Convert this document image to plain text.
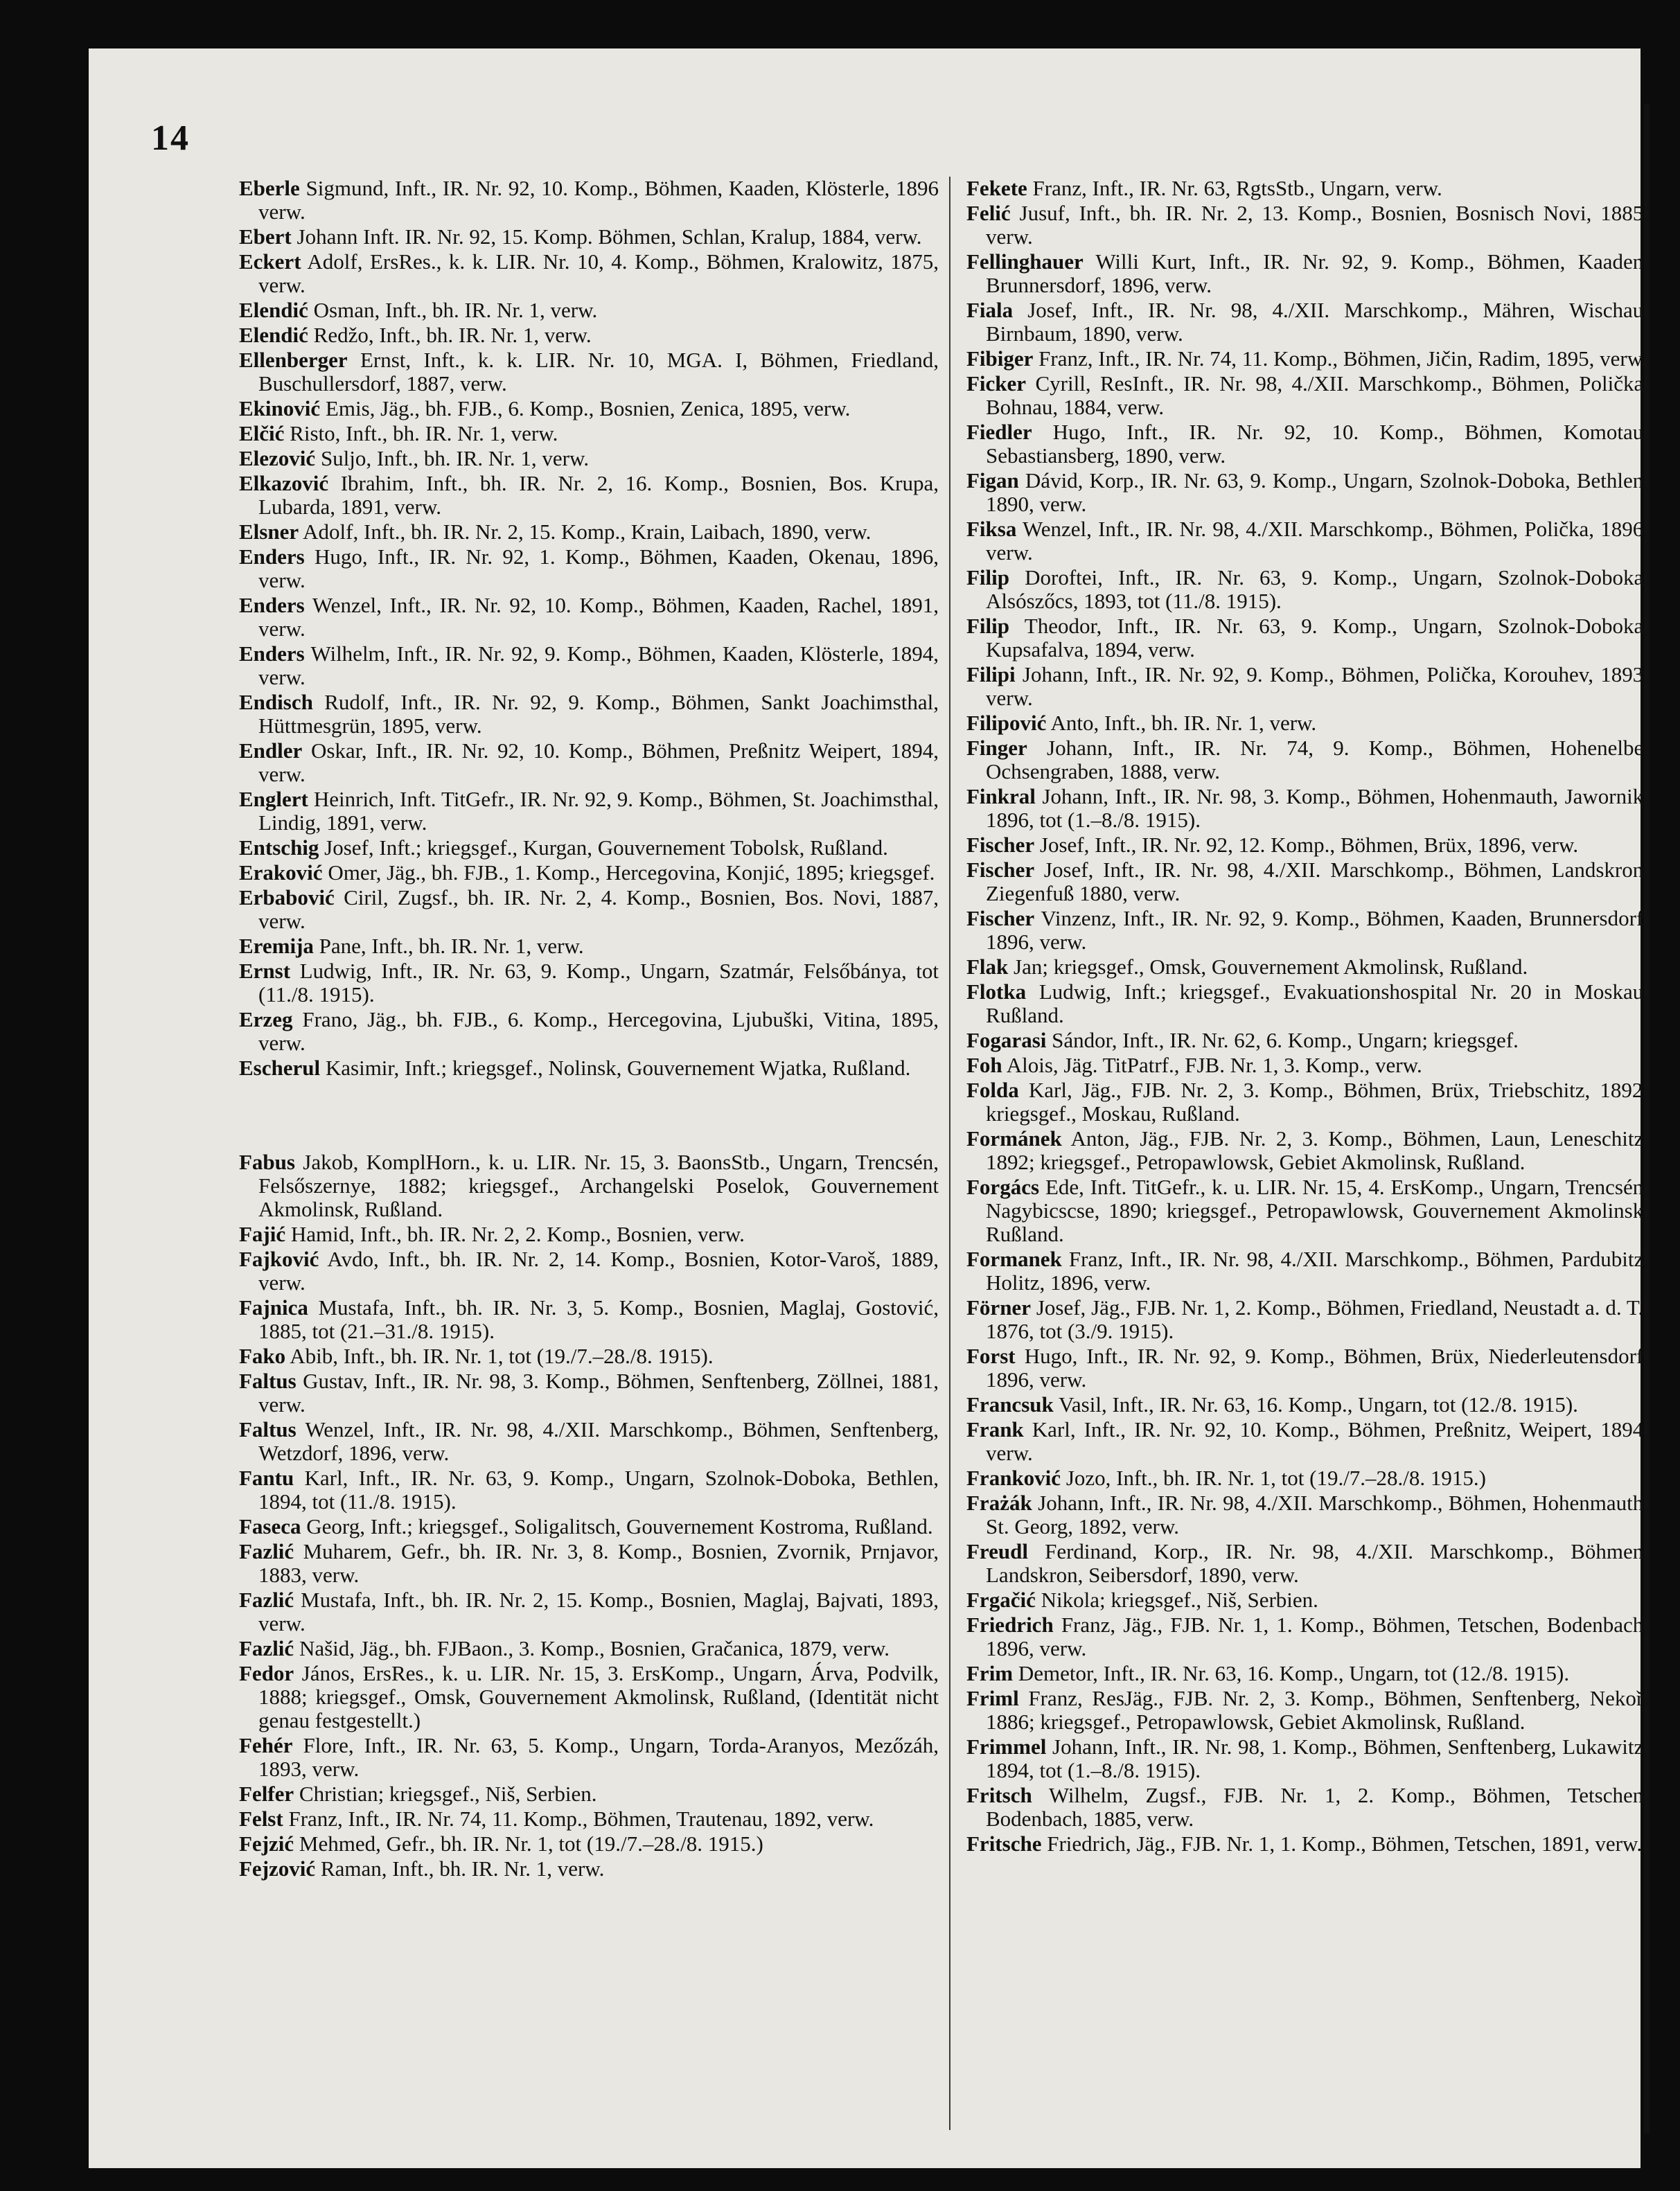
14
Eberle Sigmund, Inft., IR. Nr. 92, 10. Komp., Böhmen, Kaaden, Klösterle, 1896 verw.
Ebert Johann Inft. IR. Nr. 92, 15. Komp. Böhmen, Schlan, Kralup, 1884, verw.
Eckert Adolf, ErsRes., k. k. LIR. Nr. 10, 4. Komp., Böhmen, Kralowitz, 1875, verw.
Elendić Osman, Inft., bh. IR. Nr. 1, verw.
Elendić Redžo, Inft., bh. IR. Nr. 1, verw.
Ellenberger Ernst, Inft., k. k. LIR. Nr. 10, MGA. I, Böhmen, Friedland, Buschullersdorf, 1887, verw.
Ekinović Emis, Jäg., bh. FJB., 6. Komp., Bosnien, Zenica, 1895, verw.
Elčić Risto, Inft., bh. IR. Nr. 1, verw.
Elezović Suljo, Inft., bh. IR. Nr. 1, verw.
Elkazović Ibrahim, Inft., bh. IR. Nr. 2, 16. Komp., Bosnien, Bos. Krupa, Lubarda, 1891, verw.
Elsner Adolf, Inft., bh. IR. Nr. 2, 15. Komp., Krain, Laibach, 1890, verw.
Enders Hugo, Inft., IR. Nr. 92, 1. Komp., Böhmen, Kaaden, Okenau, 1896, verw.
Enders Wenzel, Inft., IR. Nr. 92, 10. Komp., Böhmen, Kaaden, Rachel, 1891, verw.
Enders Wilhelm, Inft., IR. Nr. 92, 9. Komp., Böhmen, Kaaden, Klösterle, 1894, verw.
Endisch Rudolf, Inft., IR. Nr. 92, 9. Komp., Böhmen, Sankt Joachimsthal, Hüttmesgrün, 1895, verw.
Endler Oskar, Inft., IR. Nr. 92, 10. Komp., Böhmen, Preßnitz Weipert, 1894, verw.
Englert Heinrich, Inft. TitGefr., IR. Nr. 92, 9. Komp., Böhmen, St. Joachimsthal, Lindig, 1891, verw.
Entschig Josef, Inft.; kriegsgef., Kurgan, Gouvernement Tobolsk, Rußland.
Eraković Omer, Jäg., bh. FJB., 1. Komp., Hercegovina, Konjić, 1895; kriegsgef.
Erbabović Ciril, Zugsf., bh. IR. Nr. 2, 4. Komp., Bosnien, Bos. Novi, 1887, verw.
Eremija Pane, Inft., bh. IR. Nr. 1, verw.
Ernst Ludwig, Inft., IR. Nr. 63, 9. Komp., Ungarn, Szatmár, Felsőbánya, tot (11./8. 1915).
Erzeg Frano, Jäg., bh. FJB., 6. Komp., Hercegovina, Ljubuški, Vitina, 1895, verw.
Escherul Kasimir, Inft.; kriegsgef., Nolinsk, Gouvernement Wjatka, Rußland.
Fabus Jakob, KomplHorn., k. u. LIR. Nr. 15, 3. BaonsStb., Ungarn, Trencsén, Felsőszernye, 1882; kriegsgef., Archangelski Poselok, Gouvernement Akmolinsk, Rußland.
Fajić Hamid, Inft., bh. IR. Nr. 2, 2. Komp., Bosnien, verw.
Fajković Avdo, Inft., bh. IR. Nr. 2, 14. Komp., Bosnien, Kotor-Varoš, 1889, verw.
Fajnica Mustafa, Inft., bh. IR. Nr. 3, 5. Komp., Bosnien, Maglaj, Gostović, 1885, tot (21.–31./8. 1915).
Fako Abib, Inft., bh. IR. Nr. 1, tot (19./7.–28./8. 1915).
Faltus Gustav, Inft., IR. Nr. 98, 3. Komp., Böhmen, Senftenberg, Zöllnei, 1881, verw.
Faltus Wenzel, Inft., IR. Nr. 98, 4./XII. Marschkomp., Böhmen, Senftenberg, Wetzdorf, 1896, verw.
Fantu Karl, Inft., IR. Nr. 63, 9. Komp., Ungarn, Szolnok-Doboka, Bethlen, 1894, tot (11./8. 1915).
Faseca Georg, Inft.; kriegsgef., Soligalitsch, Gouvernement Kostroma, Rußland.
Fazlić Muharem, Gefr., bh. IR. Nr. 3, 8. Komp., Bosnien, Zvornik, Prnjavor, 1883, verw.
Fazlić Mustafa, Inft., bh. IR. Nr. 2, 15. Komp., Bosnien, Maglaj, Bajvati, 1893, verw.
Fazlić Našid, Jäg., bh. FJBaon., 3. Komp., Bosnien, Gračanica, 1879, verw.
Fedor János, ErsRes., k. u. LIR. Nr. 15, 3. ErsKomp., Ungarn, Árva, Podvilk, 1888; kriegsgef., Omsk, Gouvernement Akmolinsk, Rußland, (Identität nicht genau festgestellt.)
Fehér Flore, Inft., IR. Nr. 63, 5. Komp., Ungarn, Torda-Aranyos, Mezőzáh, 1893, verw.
Felfer Christian; kriegsgef., Niš, Serbien.
Felst Franz, Inft., IR. Nr. 74, 11. Komp., Böhmen, Trautenau, 1892, verw.
Fejzić Mehmed, Gefr., bh. IR. Nr. 1, tot (19./7.–28./8. 1915.)
Fejzović Raman, Inft., bh. IR. Nr. 1, verw.
Fekete Franz, Inft., IR. Nr. 63, RgtsStb., Ungarn, verw.
Felić Jusuf, Inft., bh. IR. Nr. 2, 13. Komp., Bosnien, Bosnisch Novi, 1885, verw.
Fellinghauer Willi Kurt, Inft., IR. Nr. 92, 9. Komp., Böhmen, Kaaden, Brunnersdorf, 1896, verw.
Fiala Josef, Inft., IR. Nr. 98, 4./XII. Marschkomp., Mähren, Wischau, Birnbaum, 1890, verw.
Fibiger Franz, Inft., IR. Nr. 74, 11. Komp., Böhmen, Jičin, Radim, 1895, verw.
Ficker Cyrill, ResInft., IR. Nr. 98, 4./XII. Marschkomp., Böhmen, Polička, Bohnau, 1884, verw.
Fiedler Hugo, Inft., IR. Nr. 92, 10. Komp., Böhmen, Komotau, Sebastiansberg, 1890, verw.
Figan Dávid, Korp., IR. Nr. 63, 9. Komp., Ungarn, Szolnok-Doboka, Bethlen, 1890, verw.
Fiksa Wenzel, Inft., IR. Nr. 98, 4./XII. Marschkomp., Böhmen, Polička, 1896, verw.
Filip Doroftei, Inft., IR. Nr. 63, 9. Komp., Ungarn, Szolnok-Doboka, Alsószőcs, 1893, tot (11./8. 1915).
Filip Theodor, Inft., IR. Nr. 63, 9. Komp., Ungarn, Szolnok-Doboka, Kupsafalva, 1894, verw.
Filipi Johann, Inft., IR. Nr. 92, 9. Komp., Böhmen, Polička, Korouhev, 1893, verw.
Filipović Anto, Inft., bh. IR. Nr. 1, verw.
Finger Johann, Inft., IR. Nr. 74, 9. Komp., Böhmen, Hohenelbe, Ochsengraben, 1888, verw.
Finkral Johann, Inft., IR. Nr. 98, 3. Komp., Böhmen, Hohenmauth, Jawornik, 1896, tot (1.–8./8. 1915).
Fischer Josef, Inft., IR. Nr. 92, 12. Komp., Böhmen, Brüx, 1896, verw.
Fischer Josef, Inft., IR. Nr. 98, 4./XII. Marschkomp., Böhmen, Landskron, Ziegenfuß 1880, verw.
Fischer Vinzenz, Inft., IR. Nr. 92, 9. Komp., Böhmen, Kaaden, Brunnersdorf, 1896, verw.
Flak Jan; kriegsgef., Omsk, Gouvernement Akmolinsk, Rußland.
Flotka Ludwig, Inft.; kriegsgef., Evakuationshospital Nr. 20 in Moskau, Rußland.
Fogarasi Sándor, Inft., IR. Nr. 62, 6. Komp., Ungarn; kriegsgef.
Foh Alois, Jäg. TitPatrf., FJB. Nr. 1, 3. Komp., verw.
Folda Karl, Jäg., FJB. Nr. 2, 3. Komp., Böhmen, Brüx, Triebschitz, 1892; kriegsgef., Moskau, Rußland.
Formánek Anton, Jäg., FJB. Nr. 2, 3. Komp., Böhmen, Laun, Leneschitz, 1892; kriegsgef., Petropawlowsk, Gebiet Akmolinsk, Rußland.
Forgács Ede, Inft. TitGefr., k. u. LIR. Nr. 15, 4. ErsKomp., Ungarn, Trencsén, Nagybicscse, 1890; kriegsgef., Petropawlowsk, Gouvernement Akmolinsk, Rußland.
Formanek Franz, Inft., IR. Nr. 98, 4./XII. Marschkomp., Böhmen, Pardubitz, Holitz, 1896, verw.
Förner Josef, Jäg., FJB. Nr. 1, 2. Komp., Böhmen, Friedland, Neustadt a. d. T., 1876, tot (3./9. 1915).
Forst Hugo, Inft., IR. Nr. 92, 9. Komp., Böhmen, Brüx, Niederleutensdorf, 1896, verw.
Francsuk Vasil, Inft., IR. Nr. 63, 16. Komp., Ungarn, tot (12./8. 1915).
Frank Karl, Inft., IR. Nr. 92, 10. Komp., Böhmen, Preßnitz, Weipert, 1894, verw.
Franković Jozo, Inft., bh. IR. Nr. 1, tot (19./7.–28./8. 1915.)
Frażák Johann, Inft., IR. Nr. 98, 4./XII. Marschkomp., Böhmen, Hohenmauth, St. Georg, 1892, verw.
Freudl Ferdinand, Korp., IR. Nr. 98, 4./XII. Marschkomp., Böhmen, Landskron, Seibersdorf, 1890, verw.
Frgačić Nikola; kriegsgef., Niš, Serbien.
Friedrich Franz, Jäg., FJB. Nr. 1, 1. Komp., Böhmen, Tetschen, Bodenbach, 1896, verw.
Frim Demetor, Inft., IR. Nr. 63, 16. Komp., Ungarn, tot (12./8. 1915).
Friml Franz, ResJäg., FJB. Nr. 2, 3. Komp., Böhmen, Senftenberg, Nekoř, 1886; kriegsgef., Petropawlowsk, Gebiet Akmolinsk, Rußland.
Frimmel Johann, Inft., IR. Nr. 98, 1. Komp., Böhmen, Senftenberg, Lukawitz, 1894, tot (1.–8./8. 1915).
Fritsch Wilhelm, Zugsf., FJB. Nr. 1, 2. Komp., Böhmen, Tetschen, Bodenbach, 1885, verw.
Fritsche Friedrich, Jäg., FJB. Nr. 1, 1. Komp., Böhmen, Tetschen, 1891, verw.
